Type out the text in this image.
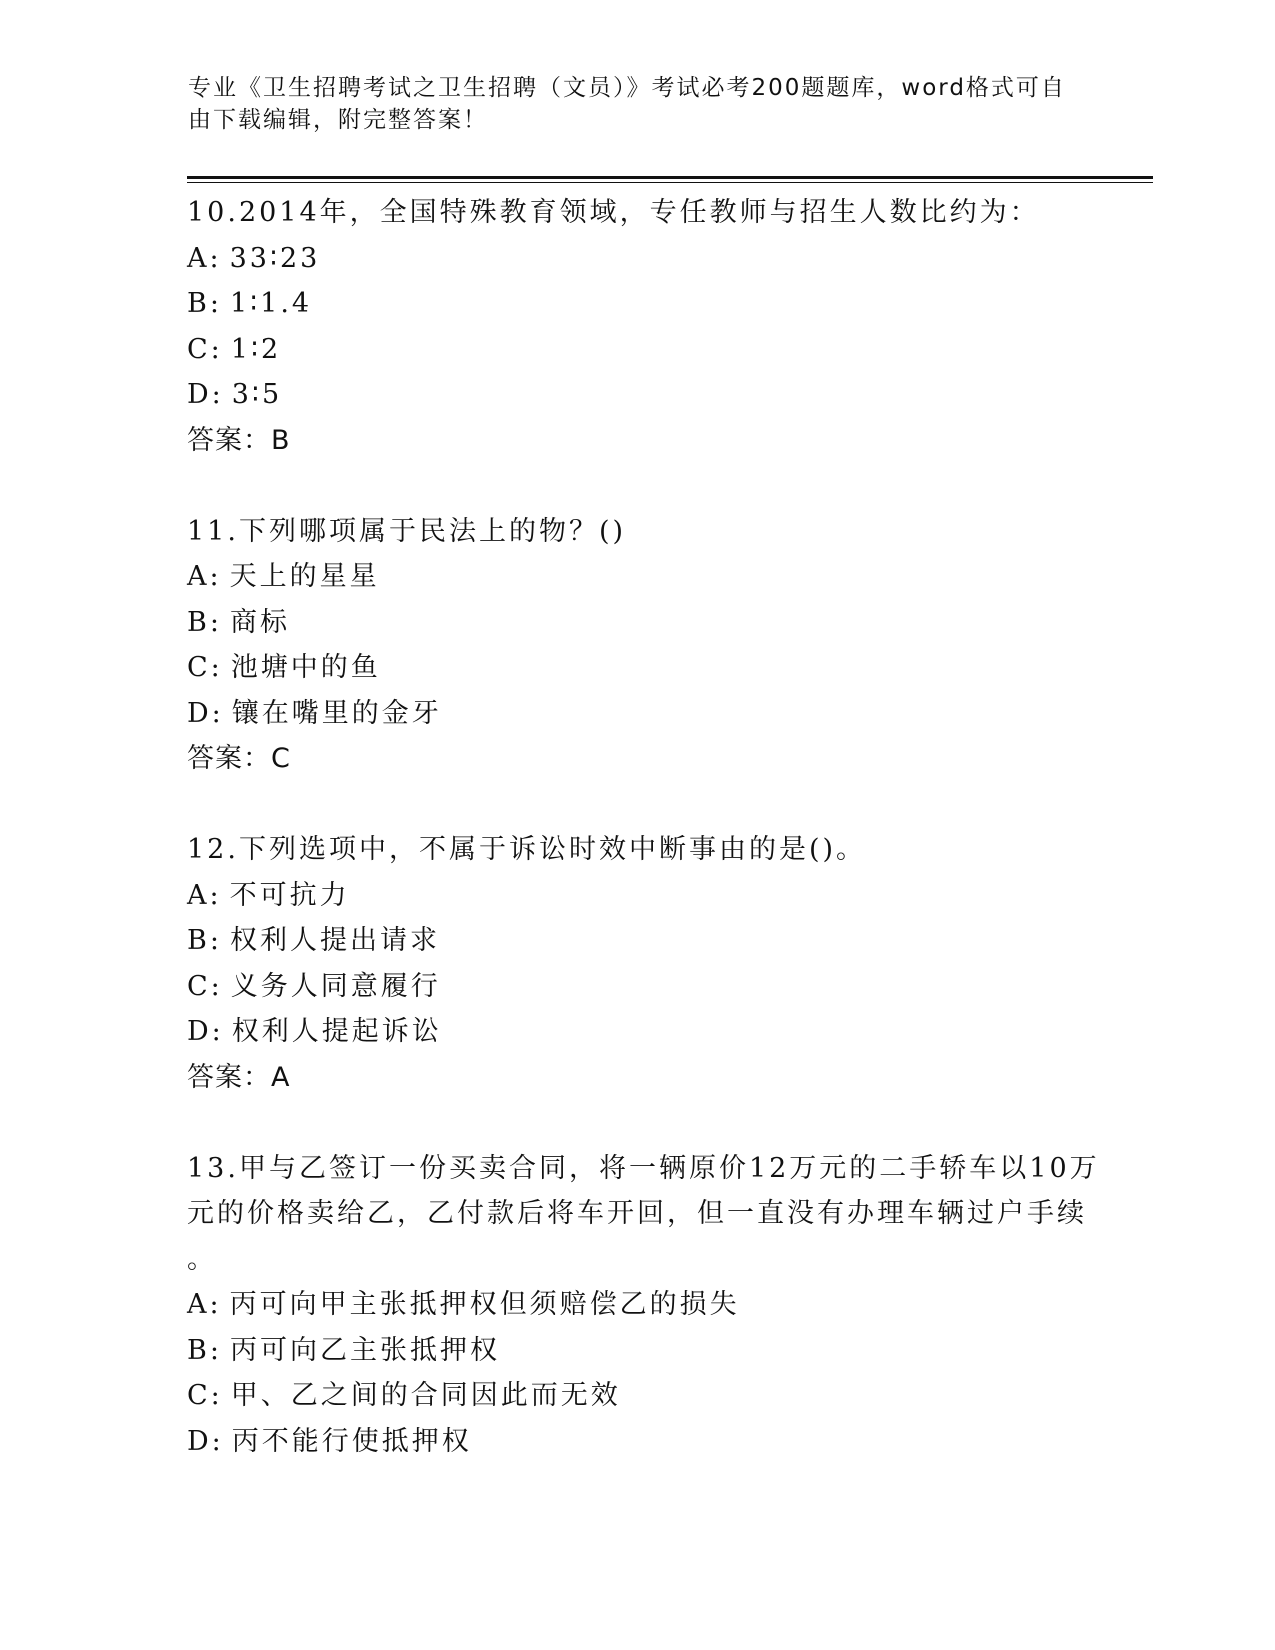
专业《卫生招聘考试之卫生招聘（文员）》考试必考200题题库，word格式可自
由下载编辑，附完整答案！
10.2014年，全国特殊教育领域，专任教师与招生人数比约为：
A: 33∶23
B: 1∶1.4
C: 1∶2
D: 3∶5
答案：B
11.下列哪项属于民法上的物？()
A: 天上的星星
B: 商标
C: 池塘中的鱼
D: 镶在嘴里的金牙
答案：C
12.下列选项中，不属于诉讼时效中断事由的是()。
A: 不可抗力
B: 权利人提出请求
C: 义务人同意履行
D: 权利人提起诉讼
答案：A
13.甲与乙签订一份买卖合同，将一辆原价12万元的二手轿车以10万
元的价格卖给乙，乙付款后将车开回，但一直没有办理车辆过户手续
。
A: 丙可向甲主张抵押权但须赔偿乙的损失
B: 丙可向乙主张抵押权
C: 甲、乙之间的合同因此而无效
D: 丙不能行使抵押权
